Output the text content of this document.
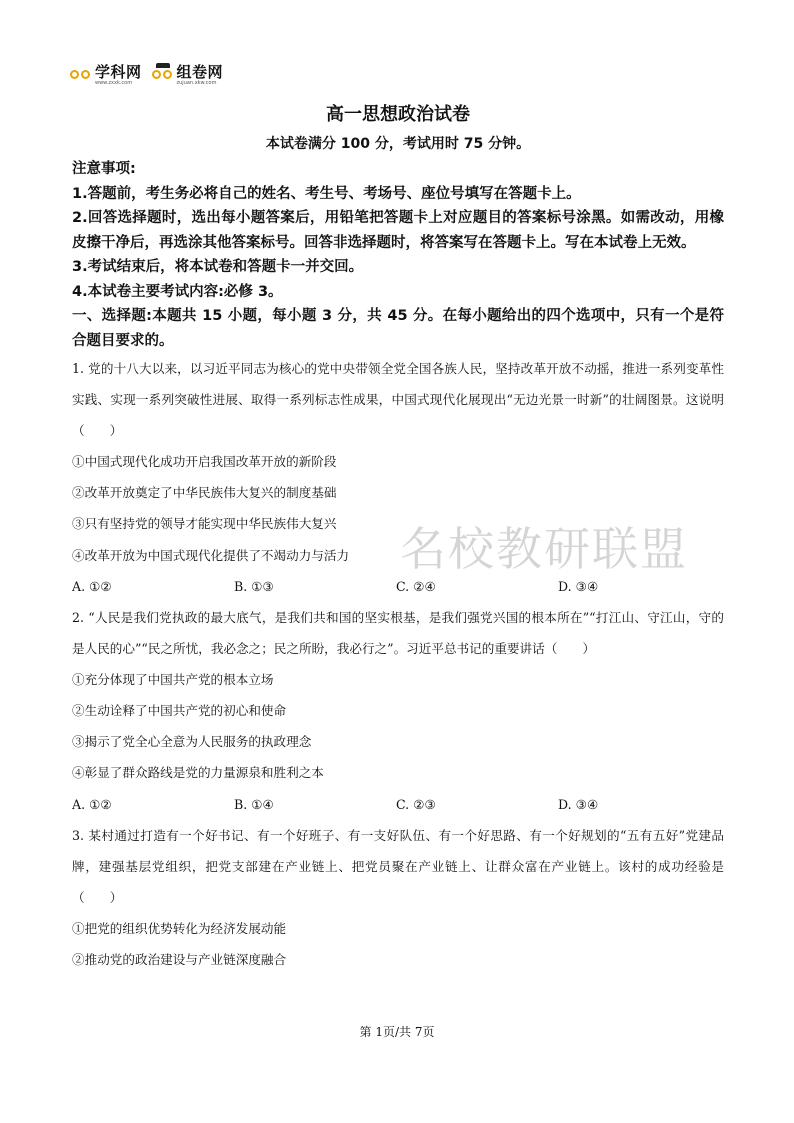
学科网
www.zxxk.com
组卷网
zujuan.xkw.com
名校教研联盟
高一思想政治试卷
本试卷满分 100 分，考试用时 75 分钟。
注意事项:
1.答题前，考生务必将自己的姓名、考生号、考场号、座位号填写在答题卡上。
2.回答选择题时，选出每小题答案后，用铅笔把答题卡上对应题目的答案标号涂黑。如需改动，用橡皮擦干净后，再选涂其他答案标号。回答非选择题时，将答案写在答题卡上。写在本试卷上无效。
3.考试结束后，将本试卷和答题卡一并交回。
4.本试卷主要考试内容:必修 3。
一、选择题:本题共 15 小题，每小题 3 分，共 45 分。在每小题给出的四个选项中，只有一个是符合题目要求的。
1. 党的十八大以来，以习近平同志为核心的党中央带领全党全国各族人民，坚持改革开放不动摇，推进一系列变革性实践、实现一系列突破性进展、取得一系列标志性成果，中国式现代化展现出“无边光景一时新”的壮阔图景。这说明（　　）
①中国式现代化成功开启我国改革开放的新阶段
②改革开放奠定了中华民族伟大复兴的制度基础
③只有坚持党的领导才能实现中华民族伟大复兴
④改革开放为中国式现代化提供了不竭动力与活力
A. ①②	B. ①③	C. ②④	D. ③④
2. “人民是我们党执政的最大底气，是我们共和国的坚实根基，是我们强党兴国的根本所在”“打江山、守江山，守的是人民的心”“民之所忧，我必念之；民之所盼，我必行之”。习近平总书记的重要讲话（　　）
①充分体现了中国共产党的根本立场
②生动诠释了中国共产党的初心和使命
③揭示了党全心全意为人民服务的执政理念
④彰显了群众路线是党的力量源泉和胜利之本
A. ①②	B. ①④	C. ②③	D. ③④
3. 某村通过打造有一个好书记、有一个好班子、有一支好队伍、有一个好思路、有一个好规划的“五有五好”党建品牌，建强基层党组织，把党支部建在产业链上、把党员聚在产业链上、让群众富在产业链上。该村的成功经验是（　　）
①把党的组织优势转化为经济发展动能
②推动党的政治建设与产业链深度融合
第 1页/共 7页
